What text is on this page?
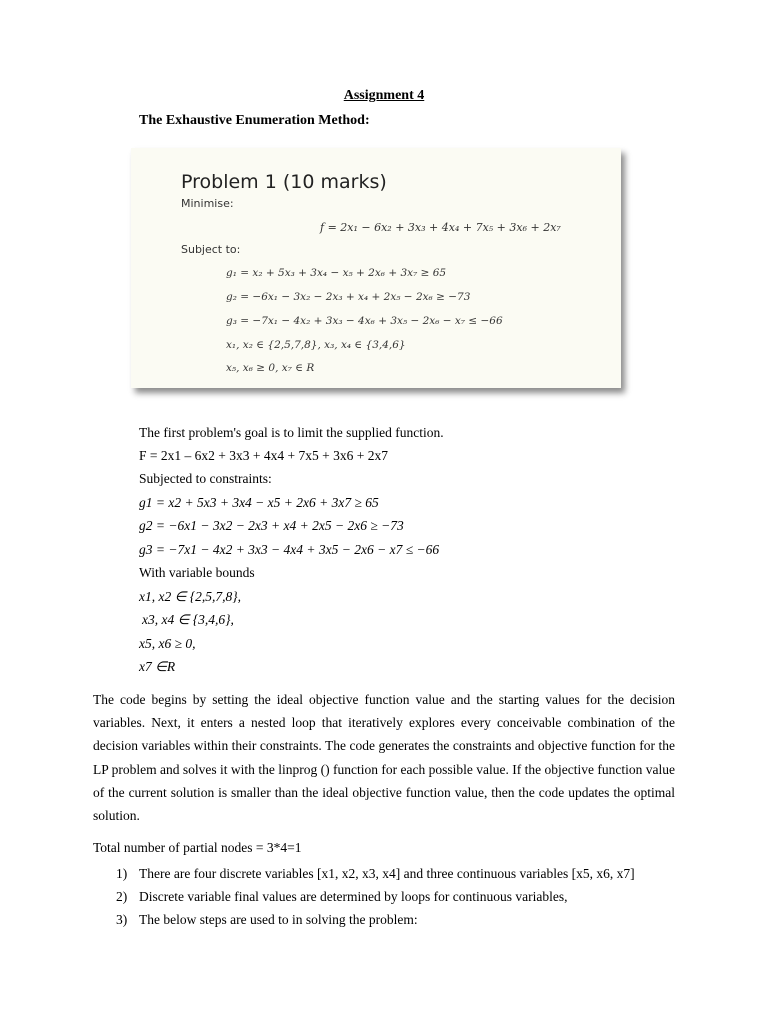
Assignment 4
The Exhaustive Enumeration Method:
Problem 1 (10 marks)
Minimise:
f = 2x₁ − 6x₂ + 3x₃ + 4x₄ + 7x₅ + 3x₆ + 2x₇
Subject to:
g₁ = x₂ + 5x₃ + 3x₄ − x₅ + 2x₆ + 3x₇ ≥ 65
g₂ = −6x₁ − 3x₂ − 2x₃ + x₄ + 2x₅ − 2x₆ ≥ −73
g₃ = −7x₁ − 4x₂ + 3x₃ − 4x₆ + 3x₅ − 2x₆ − x₇ ≤ −66
x₁, x₂ ∈ {2,5,7,8}, x₃, x₄ ∈ {3,4,6}
x₅, x₆ ≥ 0, x₇ ∈ R
The first problem's goal is to limit the supplied function.
F = 2x1 – 6x2 + 3x3 + 4x4 + 7x5 + 3x6 + 2x7
Subjected to constraints:
g1 = x2 + 5x3 + 3x4 − x5 + 2x6 + 3x7 ≥ 65
g2 = −6x1 − 3x2 − 2x3 + x4 + 2x5 − 2x6 ≥ −73
g3 = −7x1 − 4x2 + 3x3 − 4x4 + 3x5 − 2x6 − x7 ≤ −66
With variable bounds
x1, x2 ∈ {2,5,7,8},
x3, x4 ∈ {3,4,6},
x5, x6 ≥ 0,
x7 ∈R
The code begins by setting the ideal objective function value and the starting values for the decision variables. Next, it enters a nested loop that iteratively explores every conceivable combination of the decision variables within their constraints. The code generates the constraints and objective function for the LP problem and solves it with the linprog () function for each possible value. If the objective function value of the current solution is smaller than the ideal objective function value, then the code updates the optimal solution.
Total number of partial nodes = 3*4=1
1) There are four discrete variables [x1, x2, x3, x4] and three continuous variables [x5, x6, x7]
2) Discrete variable final values are determined by loops for continuous variables,
3) The below steps are used to in solving the problem:
